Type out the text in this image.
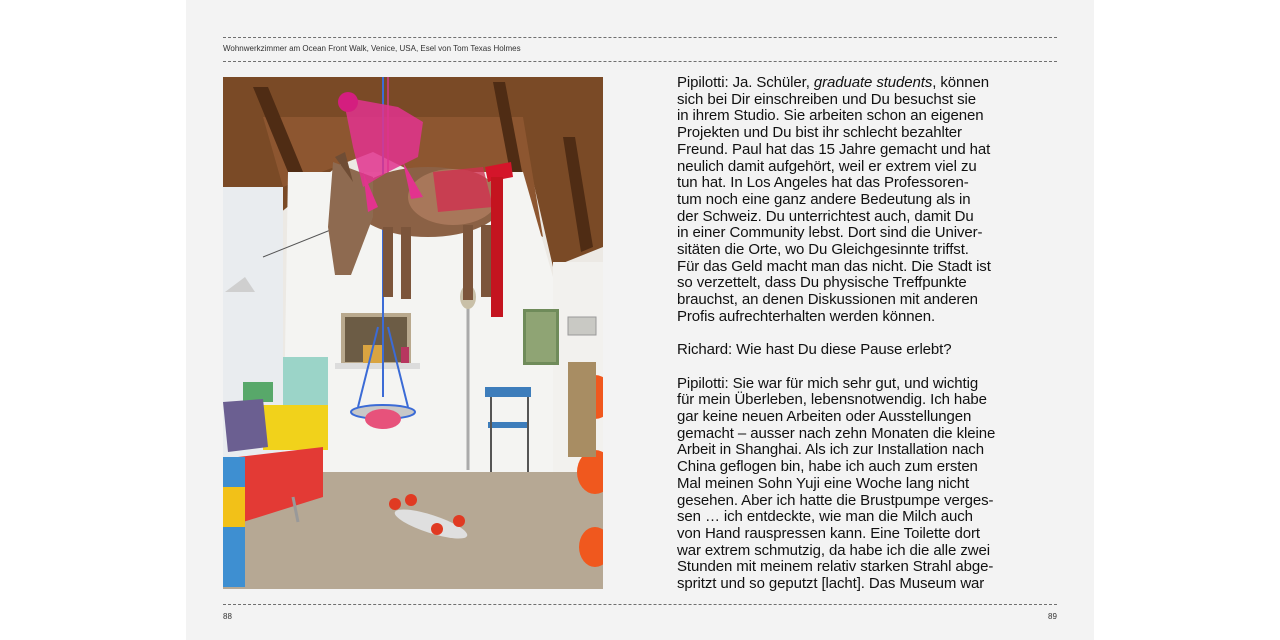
Wohnwerkzimmer am Ocean Front Walk, Venice, USA, Esel von Tom Texas Holmes

Pipilotti: Ja. Schüler, graduate students, können
sich bei Dir einschreiben und Du besuchst sie
in ihrem Studio. Sie arbeiten schon an eigenen
Projekten und Du bist ihr schlecht bezahlter
Freund. Paul hat das 15 Jahre gemacht und hat
neulich damit aufgehört, weil er extrem viel zu
tun hat. In Los Angeles hat das Professoren-
tum noch eine ganz andere Bedeutung als in
der Schweiz. Du unterrichtest auch, damit Du
in einer Community lebst. Dort sind die Univer-
sitäten die Orte, wo Du Gleichgesinnte triffst.
Für das Geld macht man das nicht. Die Stadt ist
so verzettelt, dass Du physische Treffpunkte
brauchst, an denen Diskussionen mit anderen
Profis aufrechterhalten werden können.

Richard: Wie hast Du diese Pause erlebt?

Pipilotti: Sie war für mich sehr gut, und wichtig
für mein Überleben, lebensnotwendig. Ich habe
gar keine neuen Arbeiten oder Ausstellungen
gemacht – ausser nach zehn Monaten die kleine
Arbeit in Shanghai. Als ich zur Installation nach
China geflogen bin, habe ich auch zum ersten
Mal meinen Sohn Yuji eine Woche lang nicht
gesehen. Aber ich hatte die Brustpumpe verges-
sen … ich entdeckte, wie man die Milch auch
von Hand rauspressen kann. Eine Toilette dort
war extrem schmutzig, da habe ich die alle zwei
Stunden mit meinem relativ starken Strahl abge-
spritzt und so geputzt [lacht]. Das Museum war

88	89
